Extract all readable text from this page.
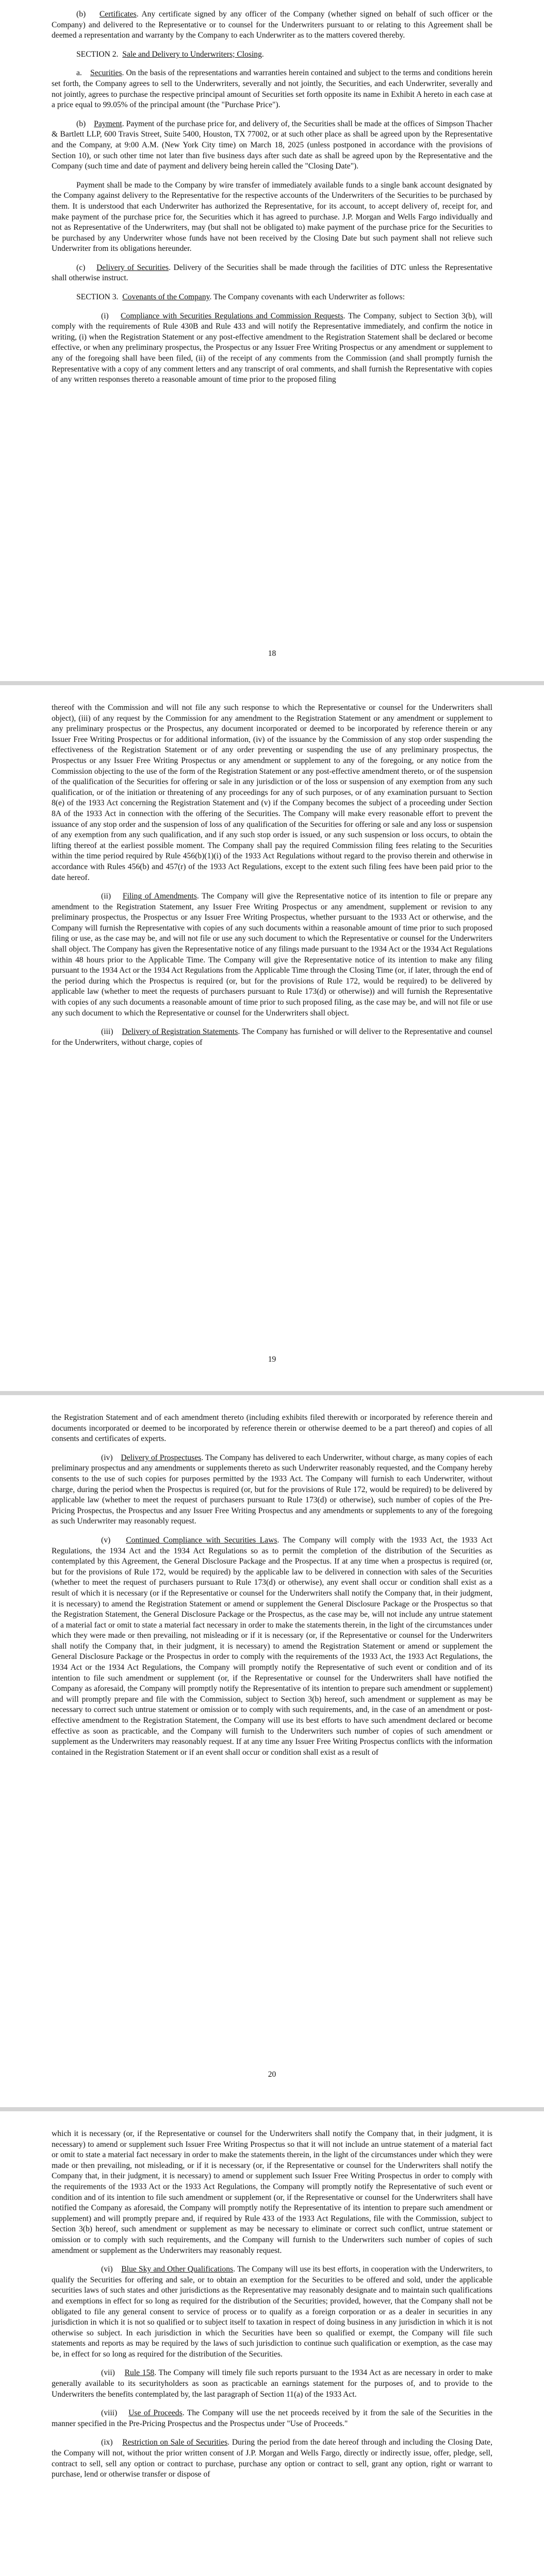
(b) Certificates. Any certificate signed by any officer of the Company (whether signed on behalf of such officer or the Company) and delivered to the Representative or to counsel for the Underwriters pursuant to or relating to this Agreement shall be deemed a representation and warranty by the Company to each Underwriter as to the matters covered thereby.

SECTION 2. Sale and Delivery to Underwriters; Closing.

a. Securities. On the basis of the representations and warranties herein contained and subject to the terms and conditions herein set forth, the Company agrees to sell to the Underwriters, severally and not jointly, the Securities, and each Underwriter, severally and not jointly, agrees to purchase the respective principal amount of Securities set forth opposite its name in Exhibit A hereto in each case at a price equal to 99.05% of the principal amount (the "Purchase Price").

(b) Payment. Payment of the purchase price for, and delivery of, the Securities shall be made at the offices of Simpson Thacher & Bartlett LLP, 600 Travis Street, Suite 5400, Houston, TX 77002, or at such other place as shall be agreed upon by the Representative and the Company, at 9:00 A.M. (New York City time) on March 18, 2025 (unless postponed in accordance with the provisions of Section 10), or such other time not later than five business days after such date as shall be agreed upon by the Representative and the Company (such time and date of payment and delivery being herein called the "Closing Date").

Payment shall be made to the Company by wire transfer of immediately available funds to a single bank account designated by the Company against delivery to the Representative for the respective accounts of the Underwriters of the Securities to be purchased by them. It is understood that each Underwriter has authorized the Representative, for its account, to accept delivery of, receipt for, and make payment of the purchase price for, the Securities which it has agreed to purchase. J.P. Morgan and Wells Fargo individually and not as Representative of the Underwriters, may (but shall not be obligated to) make payment of the purchase price for the Securities to be purchased by any Underwriter whose funds have not been received by the Closing Date but such payment shall not relieve such Underwriter from its obligations hereunder.

(c) Delivery of Securities. Delivery of the Securities shall be made through the facilities of DTC unless the Representative shall otherwise instruct.

SECTION 3. Covenants of the Company. The Company covenants with each Underwriter as follows:

(i) Compliance with Securities Regulations and Commission Requests. The Company, subject to Section 3(b), will comply with the requirements of Rule 430B and Rule 433 and will notify the Representative immediately, and confirm the notice in writing, (i) when the Registration Statement or any post-effective amendment to the Registration Statement shall be declared or become effective, or when any preliminary prospectus, the Prospectus or any Issuer Free Writing Prospectus or any amendment or supplement to any of the foregoing shall have been filed, (ii) of the receipt of any comments from the Commission (and shall promptly furnish the Representative with a copy of any comment letters and any transcript of oral comments, and shall furnish the Representative with copies of any written responses thereto a reasonable amount of time prior to the proposed filing

18

thereof with the Commission and will not file any such response to which the Representative or counsel for the Underwriters shall object), (iii) of any request by the Commission for any amendment to the Registration Statement or any amendment or supplement to any preliminary prospectus or the Prospectus, any document incorporated or deemed to be incorporated by reference therein or any Issuer Free Writing Prospectus or for additional information, (iv) of the issuance by the Commission of any stop order suspending the effectiveness of the Registration Statement or of any order preventing or suspending the use of any preliminary prospectus, the Prospectus or any Issuer Free Writing Prospectus or any amendment or supplement to any of the foregoing, or any notice from the Commission objecting to the use of the form of the Registration Statement or any post-effective amendment thereto, or of the suspension of the qualification of the Securities for offering or sale in any jurisdiction or of the loss or suspension of any exemption from any such qualification, or of the initiation or threatening of any proceedings for any of such purposes, or of any examination pursuant to Section 8(e) of the 1933 Act concerning the Registration Statement and (v) if the Company becomes the subject of a proceeding under Section 8A of the 1933 Act in connection with the offering of the Securities. The Company will make every reasonable effort to prevent the issuance of any stop order and the suspension of loss of any qualification of the Securities for offering or sale and any loss or suspension of any exemption from any such qualification, and if any such stop order is issued, or any such suspension or loss occurs, to obtain the lifting thereof at the earliest possible moment. The Company shall pay the required Commission filing fees relating to the Securities within the time period required by Rule 456(b)(1)(i) of the 1933 Act Regulations without regard to the proviso therein and otherwise in accordance with Rules 456(b) and 457(r) of the 1933 Act Regulations, except to the extent such filing fees have been paid prior to the date hereof.

(ii) Filing of Amendments. The Company will give the Representative notice of its intention to file or prepare any amendment to the Registration Statement, any Issuer Free Writing Prospectus or any amendment, supplement or revision to any preliminary prospectus, the Prospectus or any Issuer Free Writing Prospectus, whether pursuant to the 1933 Act or otherwise, and the Company will furnish the Representative with copies of any such documents within a reasonable amount of time prior to such proposed filing or use, as the case may be, and will not file or use any such document to which the Representative or counsel for the Underwriters shall object. The Company has given the Representative notice of any filings made pursuant to the 1934 Act or the 1934 Act Regulations within 48 hours prior to the Applicable Time. The Company will give the Representative notice of its intention to make any filing pursuant to the 1934 Act or the 1934 Act Regulations from the Applicable Time through the Closing Time (or, if later, through the end of the period during which the Prospectus is required (or, but for the provisions of Rule 172, would be required) to be delivered by applicable law (whether to meet the requests of purchasers pursuant to Rule 173(d) or otherwise)) and will furnish the Representative with copies of any such documents a reasonable amount of time prior to such proposed filing, as the case may be, and will not file or use any such document to which the Representative or counsel for the Underwriters shall object.

(iii) Delivery of Registration Statements. The Company has furnished or will deliver to the Representative and counsel for the Underwriters, without charge, copies of

19

the Registration Statement and of each amendment thereto (including exhibits filed therewith or incorporated by reference therein and documents incorporated or deemed to be incorporated by reference therein or otherwise deemed to be a part thereof) and copies of all consents and certificates of experts.

(iv) Delivery of Prospectuses. The Company has delivered to each Underwriter, without charge, as many copies of each preliminary prospectus and any amendments or supplements thereto as such Underwriter reasonably requested, and the Company hereby consents to the use of such copies for purposes permitted by the 1933 Act. The Company will furnish to each Underwriter, without charge, during the period when the Prospectus is required (or, but for the provisions of Rule 172, would be required) to be delivered by applicable law (whether to meet the request of purchasers pursuant to Rule 173(d) or otherwise), such number of copies of the Pre-Pricing Prospectus, the Prospectus and any Issuer Free Writing Prospectus and any amendments or supplements to any of the foregoing as such Underwriter may reasonably request.

(v) Continued Compliance with Securities Laws. The Company will comply with the 1933 Act, the 1933 Act Regulations, the 1934 Act and the 1934 Act Regulations so as to permit the completion of the distribution of the Securities as contemplated by this Agreement, the General Disclosure Package and the Prospectus. If at any time when a prospectus is required (or, but for the provisions of Rule 172, would be required) by the applicable law to be delivered in connection with sales of the Securities (whether to meet the request of purchasers pursuant to Rule 173(d) or otherwise), any event shall occur or condition shall exist as a result of which it is necessary (or if the Representative or counsel for the Underwriters shall notify the Company that, in their judgment, it is necessary) to amend the Registration Statement or amend or supplement the General Disclosure Package or the Prospectus so that the Registration Statement, the General Disclosure Package or the Prospectus, as the case may be, will not include any untrue statement of a material fact or omit to state a material fact necessary in order to make the statements therein, in the light of the circumstances under which they were made or then prevailing, not misleading or if it is necessary (or, if the Representative or counsel for the Underwriters shall notify the Company that, in their judgment, it is necessary) to amend the Registration Statement or amend or supplement the General Disclosure Package or the Prospectus in order to comply with the requirements of the 1933 Act, the 1933 Act Regulations, the 1934 Act or the 1934 Act Regulations, the Company will promptly notify the Representative of such event or condition and of its intention to file such amendment or supplement (or, if the Representative or counsel for the Underwriters shall have notified the Company as aforesaid, the Company will promptly notify the Representative of its intention to prepare such amendment or supplement) and will promptly prepare and file with the Commission, subject to Section 3(b) hereof, such amendment or supplement as may be necessary to correct such untrue statement or omission or to comply with such requirements, and, in the case of an amendment or post-effective amendment to the Registration Statement, the Company will use its best efforts to have such amendment declared or become effective as soon as practicable, and the Company will furnish to the Underwriters such number of copies of such amendment or supplement as the Underwriters may reasonably request. If at any time any Issuer Free Writing Prospectus conflicts with the information contained in the Registration Statement or if an event shall occur or condition shall exist as a result of

20

which it is necessary (or, if the Representative or counsel for the Underwriters shall notify the Company that, in their judgment, it is necessary) to amend or supplement such Issuer Free Writing Prospectus so that it will not include an untrue statement of a material fact or omit to state a material fact necessary in order to make the statements therein, in the light of the circumstances under which they were made or then prevailing, not misleading, or if it is necessary (or, if the Representative or counsel for the Underwriters shall notify the Company that, in their judgment, it is necessary) to amend or supplement such Issuer Free Writing Prospectus in order to comply with the requirements of the 1933 Act or the 1933 Act Regulations, the Company will promptly notify the Representative of such event or condition and of its intention to file such amendment or supplement (or, if the Representative or counsel for the Underwriters shall have notified the Company as aforesaid, the Company will promptly notify the Representative of its intention to prepare such amendment or supplement) and will promptly prepare and, if required by Rule 433 of the 1933 Act Regulations, file with the Commission, subject to Section 3(b) hereof, such amendment or supplement as may be necessary to eliminate or correct such conflict, untrue statement or omission or to comply with such requirements, and the Company will furnish to the Underwriters such number of copies of such amendment or supplement as the Underwriters may reasonably request.

(vi) Blue Sky and Other Qualifications. The Company will use its best efforts, in cooperation with the Underwriters, to qualify the Securities for offering and sale, or to obtain an exemption for the Securities to be offered and sold, under the applicable securities laws of such states and other jurisdictions as the Representative may reasonably designate and to maintain such qualifications and exemptions in effect for so long as required for the distribution of the Securities; provided, however, that the Company shall not be obligated to file any general consent to service of process or to qualify as a foreign corporation or as a dealer in securities in any jurisdiction in which it is not so qualified or to subject itself to taxation in respect of doing business in any jurisdiction in which it is not otherwise so subject. In each jurisdiction in which the Securities have been so qualified or exempt, the Company will file such statements and reports as may be required by the laws of such jurisdiction to continue such qualification or exemption, as the case may be, in effect for so long as required for the distribution of the Securities.

(vii) Rule 158. The Company will timely file such reports pursuant to the 1934 Act as are necessary in order to make generally available to its securityholders as soon as practicable an earnings statement for the purposes of, and to provide to the Underwriters the benefits contemplated by, the last paragraph of Section 11(a) of the 1933 Act.

(viii) Use of Proceeds. The Company will use the net proceeds received by it from the sale of the Securities in the manner specified in the Pre-Pricing Prospectus and the Prospectus under "Use of Proceeds."

(ix) Restriction on Sale of Securities. During the period from the date hereof through and including the Closing Date, the Company will not, without the prior written consent of J.P. Morgan and Wells Fargo, directly or indirectly issue, offer, pledge, sell, contract to sell, sell any option or contract to purchase, purchase any option or contract to sell, grant any option, right or warrant to purchase, lend or otherwise transfer or dispose of
